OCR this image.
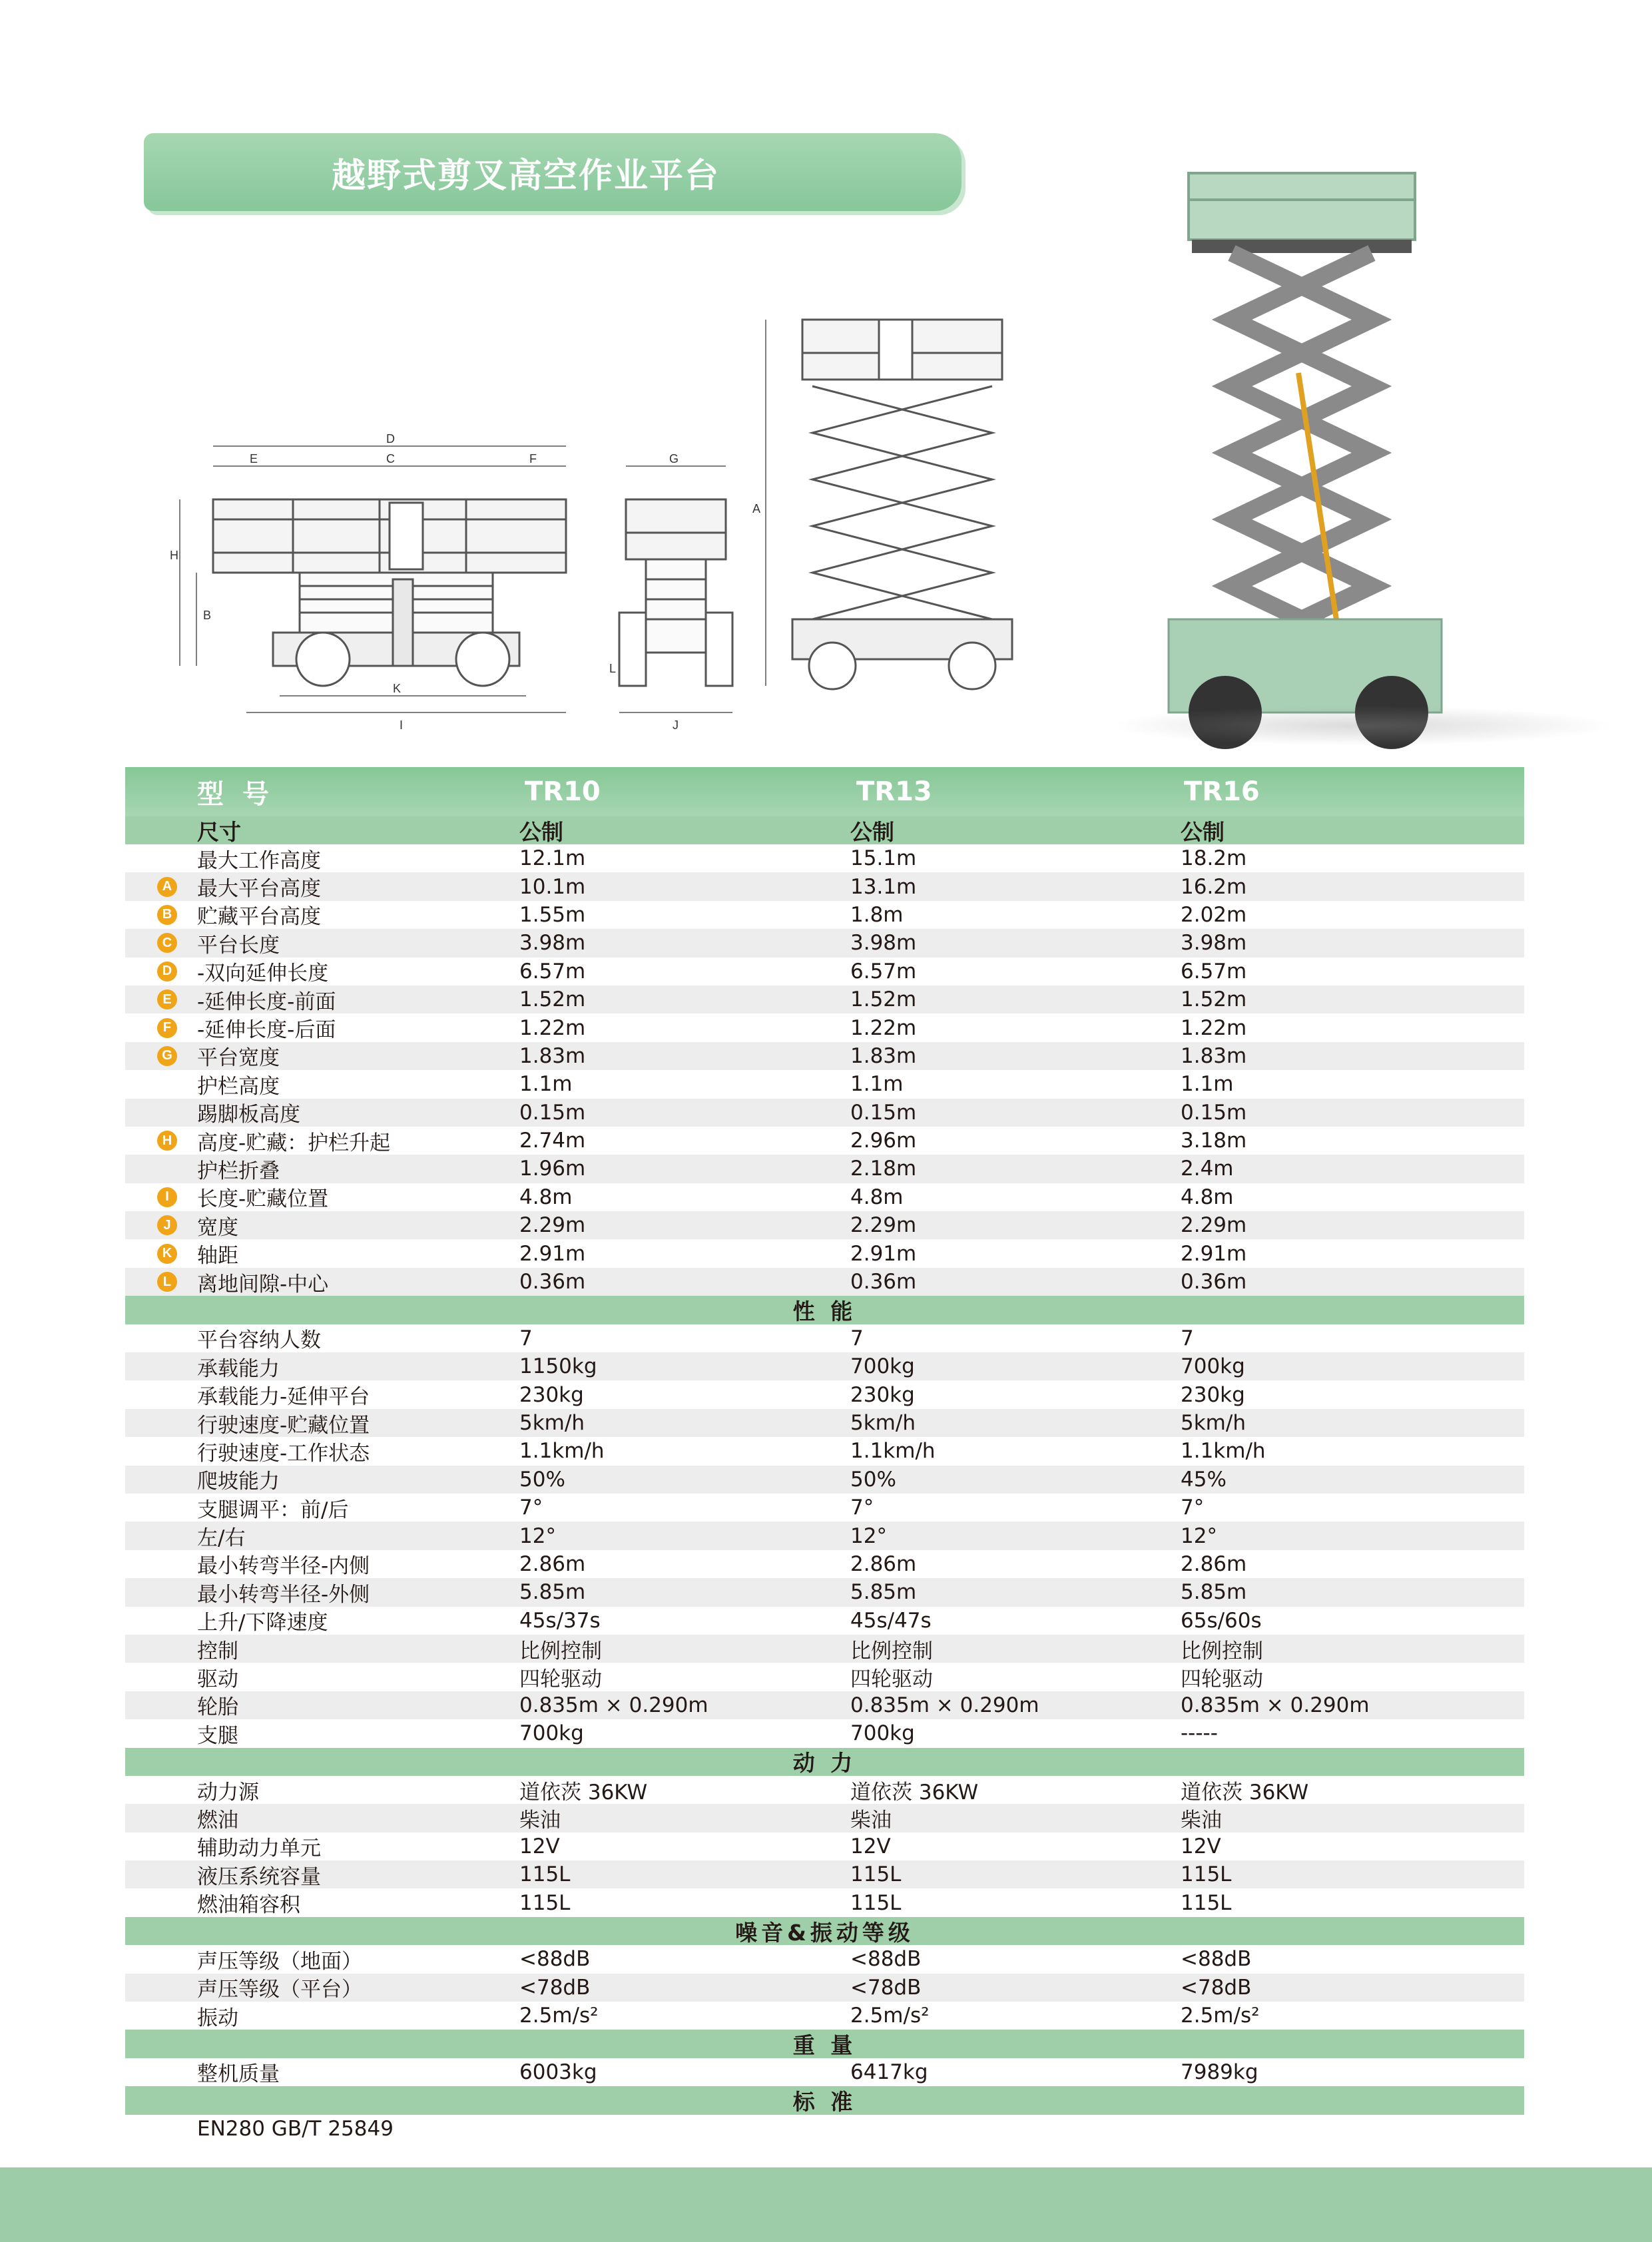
越野式剪叉高空作业平台
D
E	C	F
H
B
K
I
G
L
J
A
型号	TR10	TR13	TR16
尺寸	公制	公制	公制
最大工作高度	12.1m	15.1m	18.2m
A 最大平台高度	10.1m	13.1m	16.2m
B 贮藏平台高度	1.55m	1.8m	2.02m
C 平台长度	3.98m	3.98m	3.98m
D -双向延伸长度	6.57m	6.57m	6.57m
E -延伸长度-前面	1.52m	1.52m	1.52m
F -延伸长度-后面	1.22m	1.22m	1.22m
G 平台宽度	1.83m	1.83m	1.83m
护栏高度	1.1m	1.1m	1.1m
踢脚板高度	0.15m	0.15m	0.15m
H 高度-贮藏：护栏升起	2.74m	2.96m	3.18m
护栏折叠	1.96m	2.18m	2.4m
I	长度-贮藏位置	4.8m	4.8m	4.8m
J	宽度	2.29m	2.29m	2.29m
K 轴距	2.91m	2.91m	2.91m
L 离地间隙-中心	0.36m	0.36m	0.36m
性 能
平台容纳人数	7	7	7
承载能力	1150kg	700kg	700kg
承载能力-延伸平台	230kg	230kg	230kg
行驶速度-贮藏位置	5km/h	5km/h	5km/h
行驶速度-工作状态	1.1km/h	1.1km/h	1.1km/h
爬坡能力	50%	50%	45%
支腿调平：前/后	7°	7°	7°
左/右	12°	12°	12°
最小转弯半径-内侧	2.86m	2.86m	2.86m
最小转弯半径-外侧	5.85m	5.85m	5.85m
上升/下降速度	45s/37s	45s/47s	65s/60s
控制	比例控制	比例控制	比例控制
驱动	四轮驱动	四轮驱动	四轮驱动
轮胎	0.835m × 0.290m	0.835m × 0.290m	0.835m × 0.290m
支腿	700kg	700kg	-----
动 力
动力源	道依茨 36KW	道依茨 36KW	道依茨 36KW
燃油	柴油	柴油	柴油
辅助动力单元	12V	12V	12V
液压系统容量	115L	115L	115L
燃油箱容积	115L	115L	115L
噪音&振动等级
声压等级（地面）	<88dB	<88dB	<88dB
声压等级（平台）	<78dB	<78dB	<78dB
振动	2.5m/s²	2.5m/s²	2.5m/s²
重 量
整机质量	6003kg	6417kg	7989kg
标 准
EN280 GB/T 25849
